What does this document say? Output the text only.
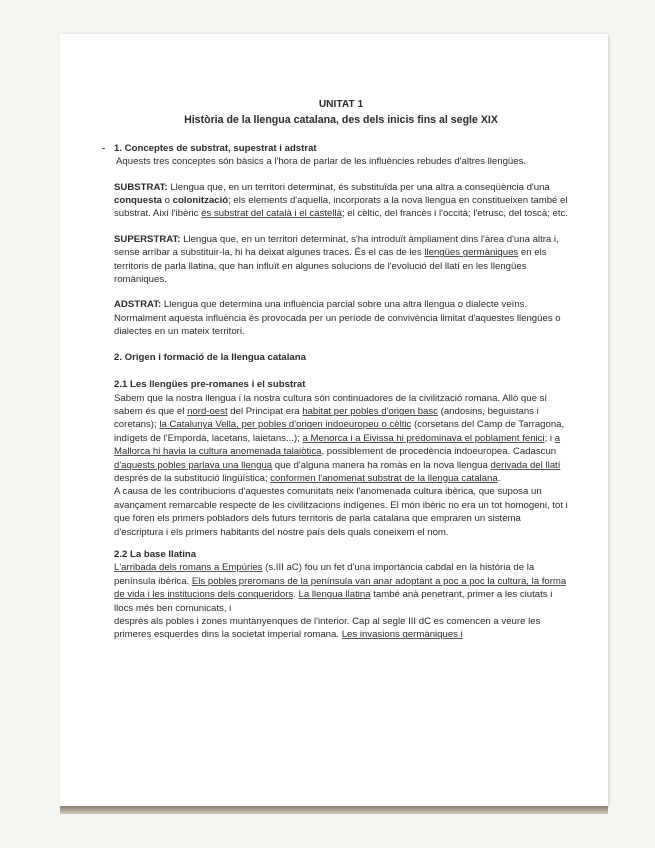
UNITAT 1

Història de la llengua catalana, des dels inicis fins al segle XIX

- 1. Conceptes de substrat, supestrat i adstrat

Aquests tres conceptes són bàsics a l'hora de parlar de les influències rebudes d'altres llengües.

SUBSTRAT: Llengua que, en un territori determinat, és substituïda per una altra a conseqüència d'una conquesta o colonització; els elements d'aquella, incorporats a la nova llengua en constitueixen també el substrat. Així l'ibèric és substrat del català i el castellà; el cèltic, del francès i l'occità; l'etrusc, del toscà; etc.

SUPERSTRAT: Llengua que, en un territori determinat, s'ha introduït àmpliament dins l'àrea d'una altra i, sense arribar a substituir-la, hi ha deixat algunes traces. És el cas de les llengües germàniques en els territoris de parla llatina, que han influït en algunes solucions de l'evolució del llatí en les llengües romàniques.

ADSTRAT: Llengua que determina una influència parcial sobre una altra llengua o dialecte veïns. Normalment aquesta influència és provocada per un període de convivència limitat d'aquestes llengües o dialectes en un mateix territori.

2. Origen i formació de la llengua catalana

2.1 Les llengües pre-romanes i el substrat

Sabem que la nostra llengua i la nostra cultura són continuadores de la civilització romana. Allò que sí sabem és que el nord-oest del Principat era habitat per pobles d'origen basc (andosins, beguistans i coretans); la Catalunya Vella, per pobles d'origen indoeuropeu o cèltic (corsetans del Camp de Tarragona, indígets de l'Empordà, lacetans, laietans...); a Menorca i a Eivissa hi predominava el poblament fenici; i a Mallorca hi havia la cultura anomenada talaiòtica, possiblement de procedència indoeuropea. Cadascun d'aquests pobles parlava una llengua que d'alguna manera ha romàs en la nova llengua derivada del llatí després de la substitució lingüística; conformen l'anomenat substrat de la llengua catalana.

A causa de les contribucions d'aquestes comunitats neix l'anomenada cultura ibèrica, que suposa un avançament remarcable respecte de les civilitzacions indígenes. El món ibèric no era un tot homogeni, tot i que foren els primers pobladors dels futurs territoris de parla catalana que empraren un sistema d'escriptura i els primers habitants del nostre país dels quals coneixem el nom.

2.2 La base llatina

L'arribada dels romans a Empúries (s.III aC) fou un fet d'una importància cabdal en la història de la península ibèrica. Els pobles preromans de la península van anar adoptant a poc a poc la cultura, la forma de vida i les institucions dels conqueridors. La llengua llatina també anà penetrant, primer a les ciutats i llocs més ben comunicats, i
desprès als pobles i zones muntanyenques de l'interior. Cap al segle III dC es comencen a veure les primeres esquerdes dins la societat imperial romana. Les invasions germàniques i
